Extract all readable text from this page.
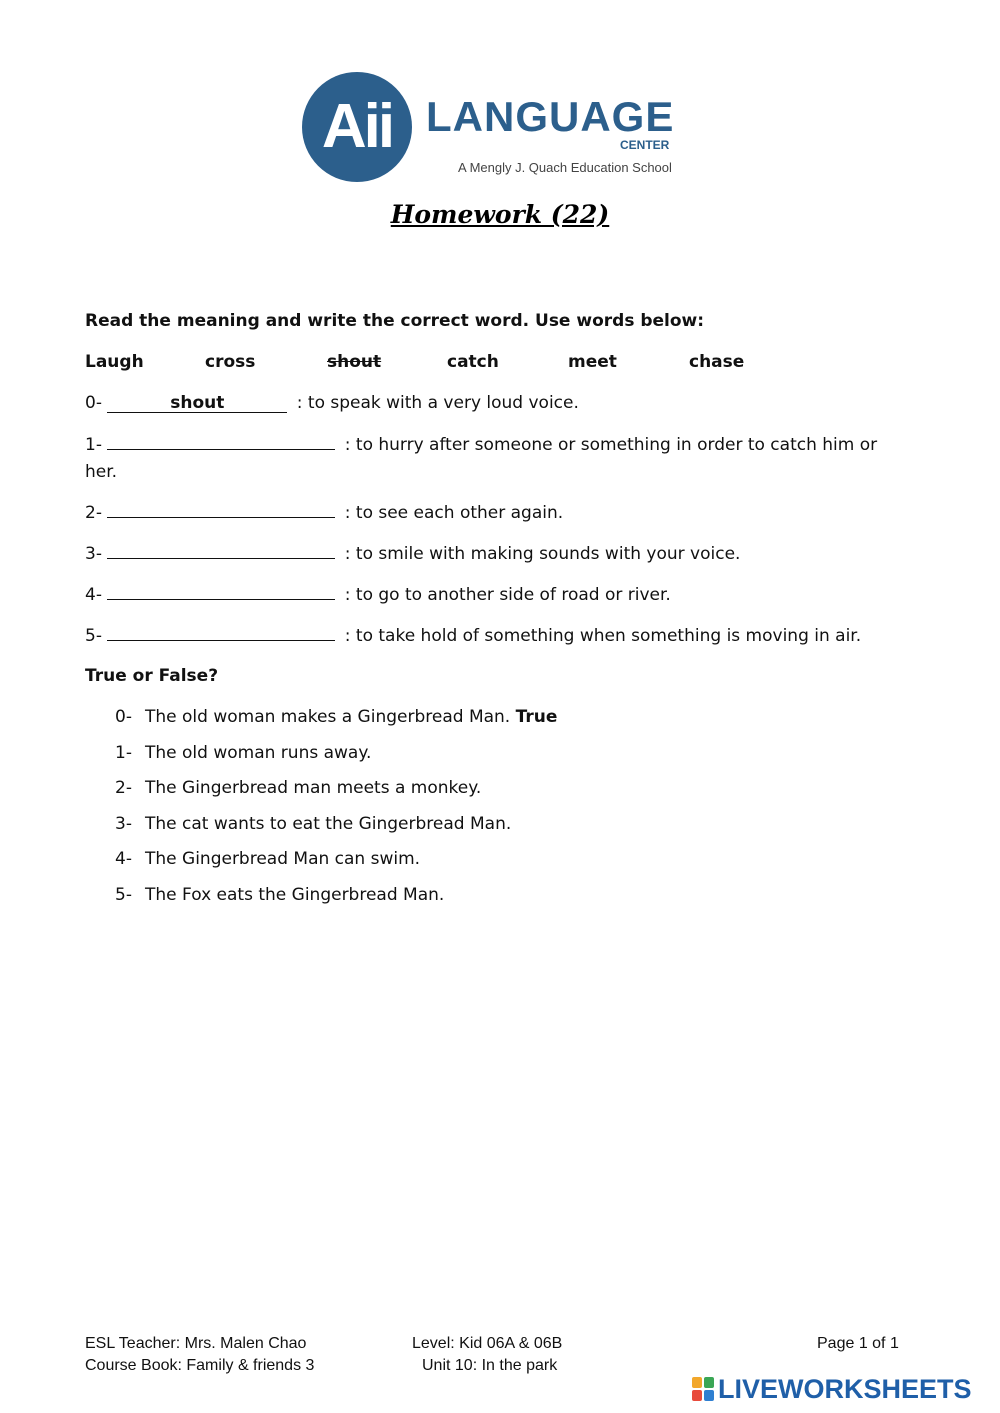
Aii LANGUAGE
CENTER
A Mengly J. Quach Education School
Homework (22)
Read the meaning and write the correct word. Use words below:
Laugh	cross	shout	catch	meet	chase
0-	shout	: to speak with a very loud voice.
1-	: to hurry after someone or something in order to catch him or
her.
2-	: to see each other again.
3-	: to smile with making sounds with your voice.
4-	: to go to another side of road or river.
5-	: to take hold of something when something is moving in air.
True or False?
0- The old woman makes a Gingerbread Man. True
1- The old woman runs away.
2- The Gingerbread man meets a monkey.
3- The cat wants to eat the Gingerbread Man.
4- The Gingerbread Man can swim.
5- The Fox eats the Gingerbread Man.
ESL Teacher: Mrs. Malen Chao
Course Book: Family & friends 3
Level: Kid 06A & 06B
Unit 10: In the park
Page 1 of 1
LIVEWORKSHEETS
